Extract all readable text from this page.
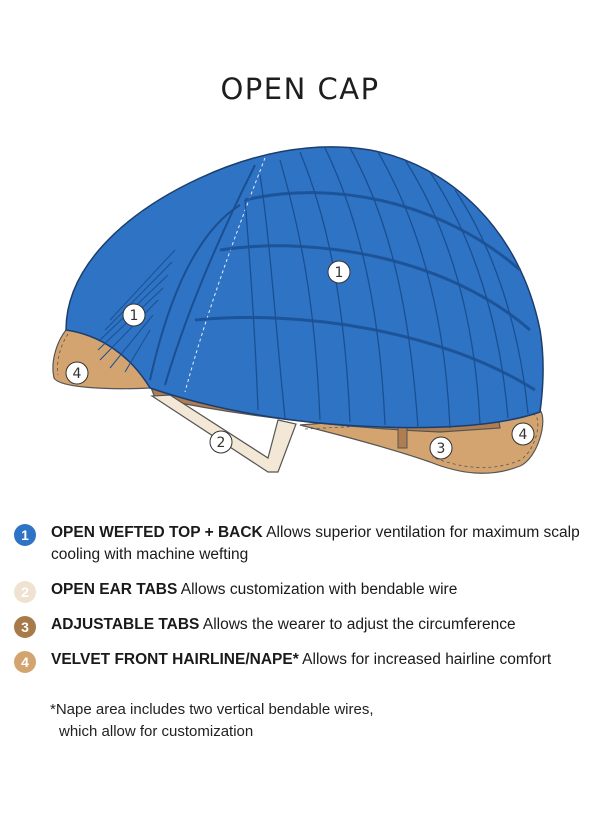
OPEN CAP
1
1
2	3
4
4
1	OPEN WEFTED TOP + BACK Allows superior ventilation for maximum scalp cooling with machine wefting
2	OPEN EAR TABS Allows customization with bendable wire
3	ADJUSTABLE TABS Allows the wearer to adjust the circumference
4	VELVET FRONT HAIRLINE/NAPE* Allows for increased hairline comfort
*Nape area includes two vertical bendable wires,
which allow for customization
